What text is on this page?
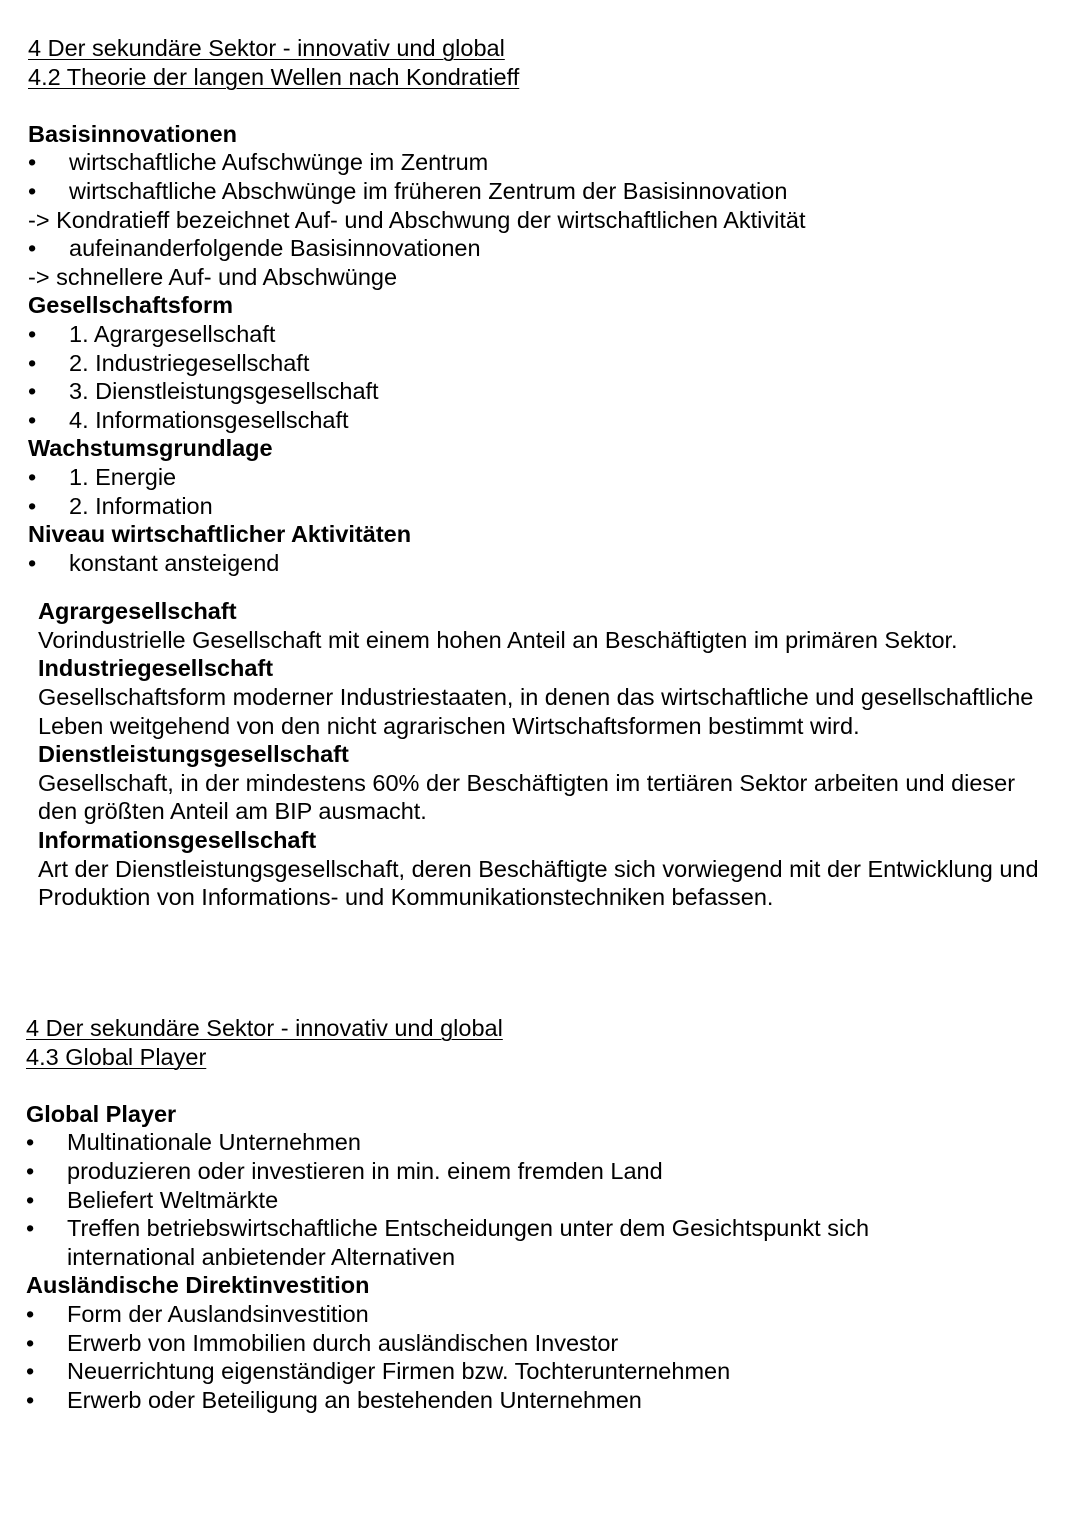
4 Der sekundäre Sektor - innovativ und global
4.2 Theorie der langen Wellen nach Kondratieff
Basisinnovationen
• wirtschaftliche Aufschwünge im Zentrum
• wirtschaftliche Abschwünge im früheren Zentrum der Basisinnovation
-> Kondratieff bezeichnet Auf- und Abschwung der wirtschaftlichen Aktivität
• aufeinanderfolgende Basisinnovationen
-> schnellere Auf- und Abschwünge
Gesellschaftsform
• 1. Agrargesellschaft
• 2. Industriegesellschaft
• 3. Dienstleistungsgesellschaft
• 4. Informationsgesellschaft
Wachstumsgrundlage
• 1. Energie
• 2. Information
Niveau wirtschaftlicher Aktivitäten
• konstant ansteigend
Agrargesellschaft
Vorindustrielle Gesellschaft mit einem hohen Anteil an Beschäftigten im primären Sektor.
Industriegesellschaft
Gesellschaftsform moderner Industriestaaten, in denen das wirtschaftliche und gesellschaftliche Leben weitgehend von den nicht agrarischen Wirtschaftsformen bestimmt wird.
Dienstleistungsgesellschaft
Gesellschaft, in der mindestens 60% der Beschäftigten im tertiären Sektor arbeiten und dieser den größten Anteil am BIP ausmacht.
Informationsgesellschaft
Art der Dienstleistungsgesellschaft, deren Beschäftigte sich vorwiegend mit der Entwicklung und Produktion von Informations- und Kommunikationstechniken befassen.
4 Der sekundäre Sektor - innovativ und global
4.3 Global Player
Global Player
• Multinationale Unternehmen
• produzieren oder investieren in min. einem fremden Land
• Beliefert Weltmärkte
• Treffen betriebswirtschaftliche Entscheidungen unter dem Gesichtspunkt sich international anbietender Alternativen
Ausländische Direktinvestition
• Form der Auslandsinvestition
• Erwerb von Immobilien durch ausländischen Investor
• Neuerrichtung eigenständiger Firmen bzw. Tochterunternehmen
• Erwerb oder Beteiligung an bestehenden Unternehmen
